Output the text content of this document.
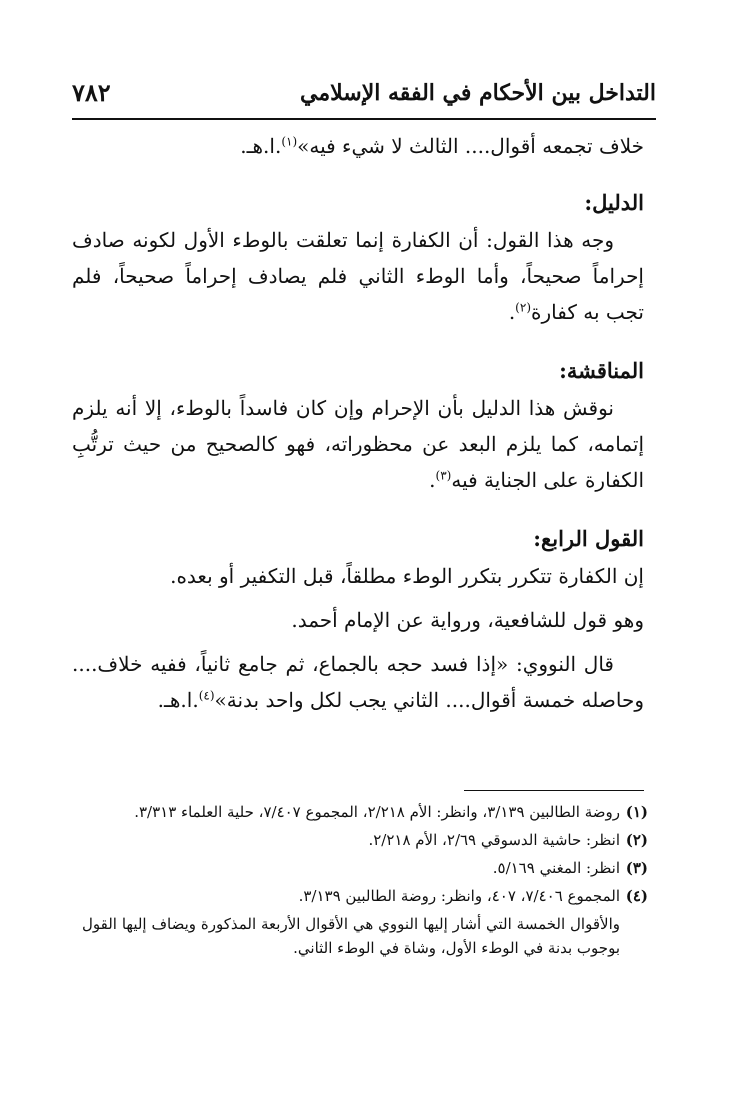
التداخل بين الأحكام في الفقه الإسلامي
٧٨٢

خلاف تجمعه أقوال.... الثالث لا شيء فيه»$^{(١)}$.ا.هـ.

الدليل:

وجه هذا القول: أن الكفارة إنما تعلقت بالوطء الأول لكونه صادف إحراماً صحيحاً، وأما الوطء الثاني فلم يصادف إحراماً صحيحاً، فلم تجب به كفارة$^{(٢)}$.

المناقشة:

نوقش هذا الدليل بأن الإحرام وإن كان فاسداً بالوطء، إلا أنه يلزم إتمامه، كما يلزم البعد عن محظوراته، فهو كالصحيح من حيث ترتُّبِ الكفارة على الجناية فيه$^{(٣)}$.

القول الرابع:

إن الكفارة تتكرر بتكرر الوطء مطلقاً، قبل التكفير أو بعده.

وهو قول للشافعية، ورواية عن الإمام أحمد.

قال النووي: «إذا فسد حجه بالجماع، ثم جامع ثانياً، ففيه خلاف.... وحاصله خمسة أقوال.... الثاني يجب لكل واحد بدنة»$^{(٤)}$.ا.هـ.

(١)
روضة الطالبين ٣/١٣٩، وانظر: الأم ٢/٢١٨، المجموع ٧/٤٠٧، حلية العلماء ٣/٣١٣.
(٢)
انظر: حاشية الدسوقي ٢/٦٩، الأم ٢/٢١٨.
(٣)
انظر: المغني ٥/١٦٩.
(٤)
المجموع ٧/٤٠٦، ٤٠٧، وانظر: روضة الطالبين ٣/١٣٩.
والأقوال الخمسة التي أشار إليها النووي هي الأقوال الأربعة المذكورة ويضاف إليها القول بوجوب بدنة في الوطء الأول، وشاة في الوطء الثاني.
